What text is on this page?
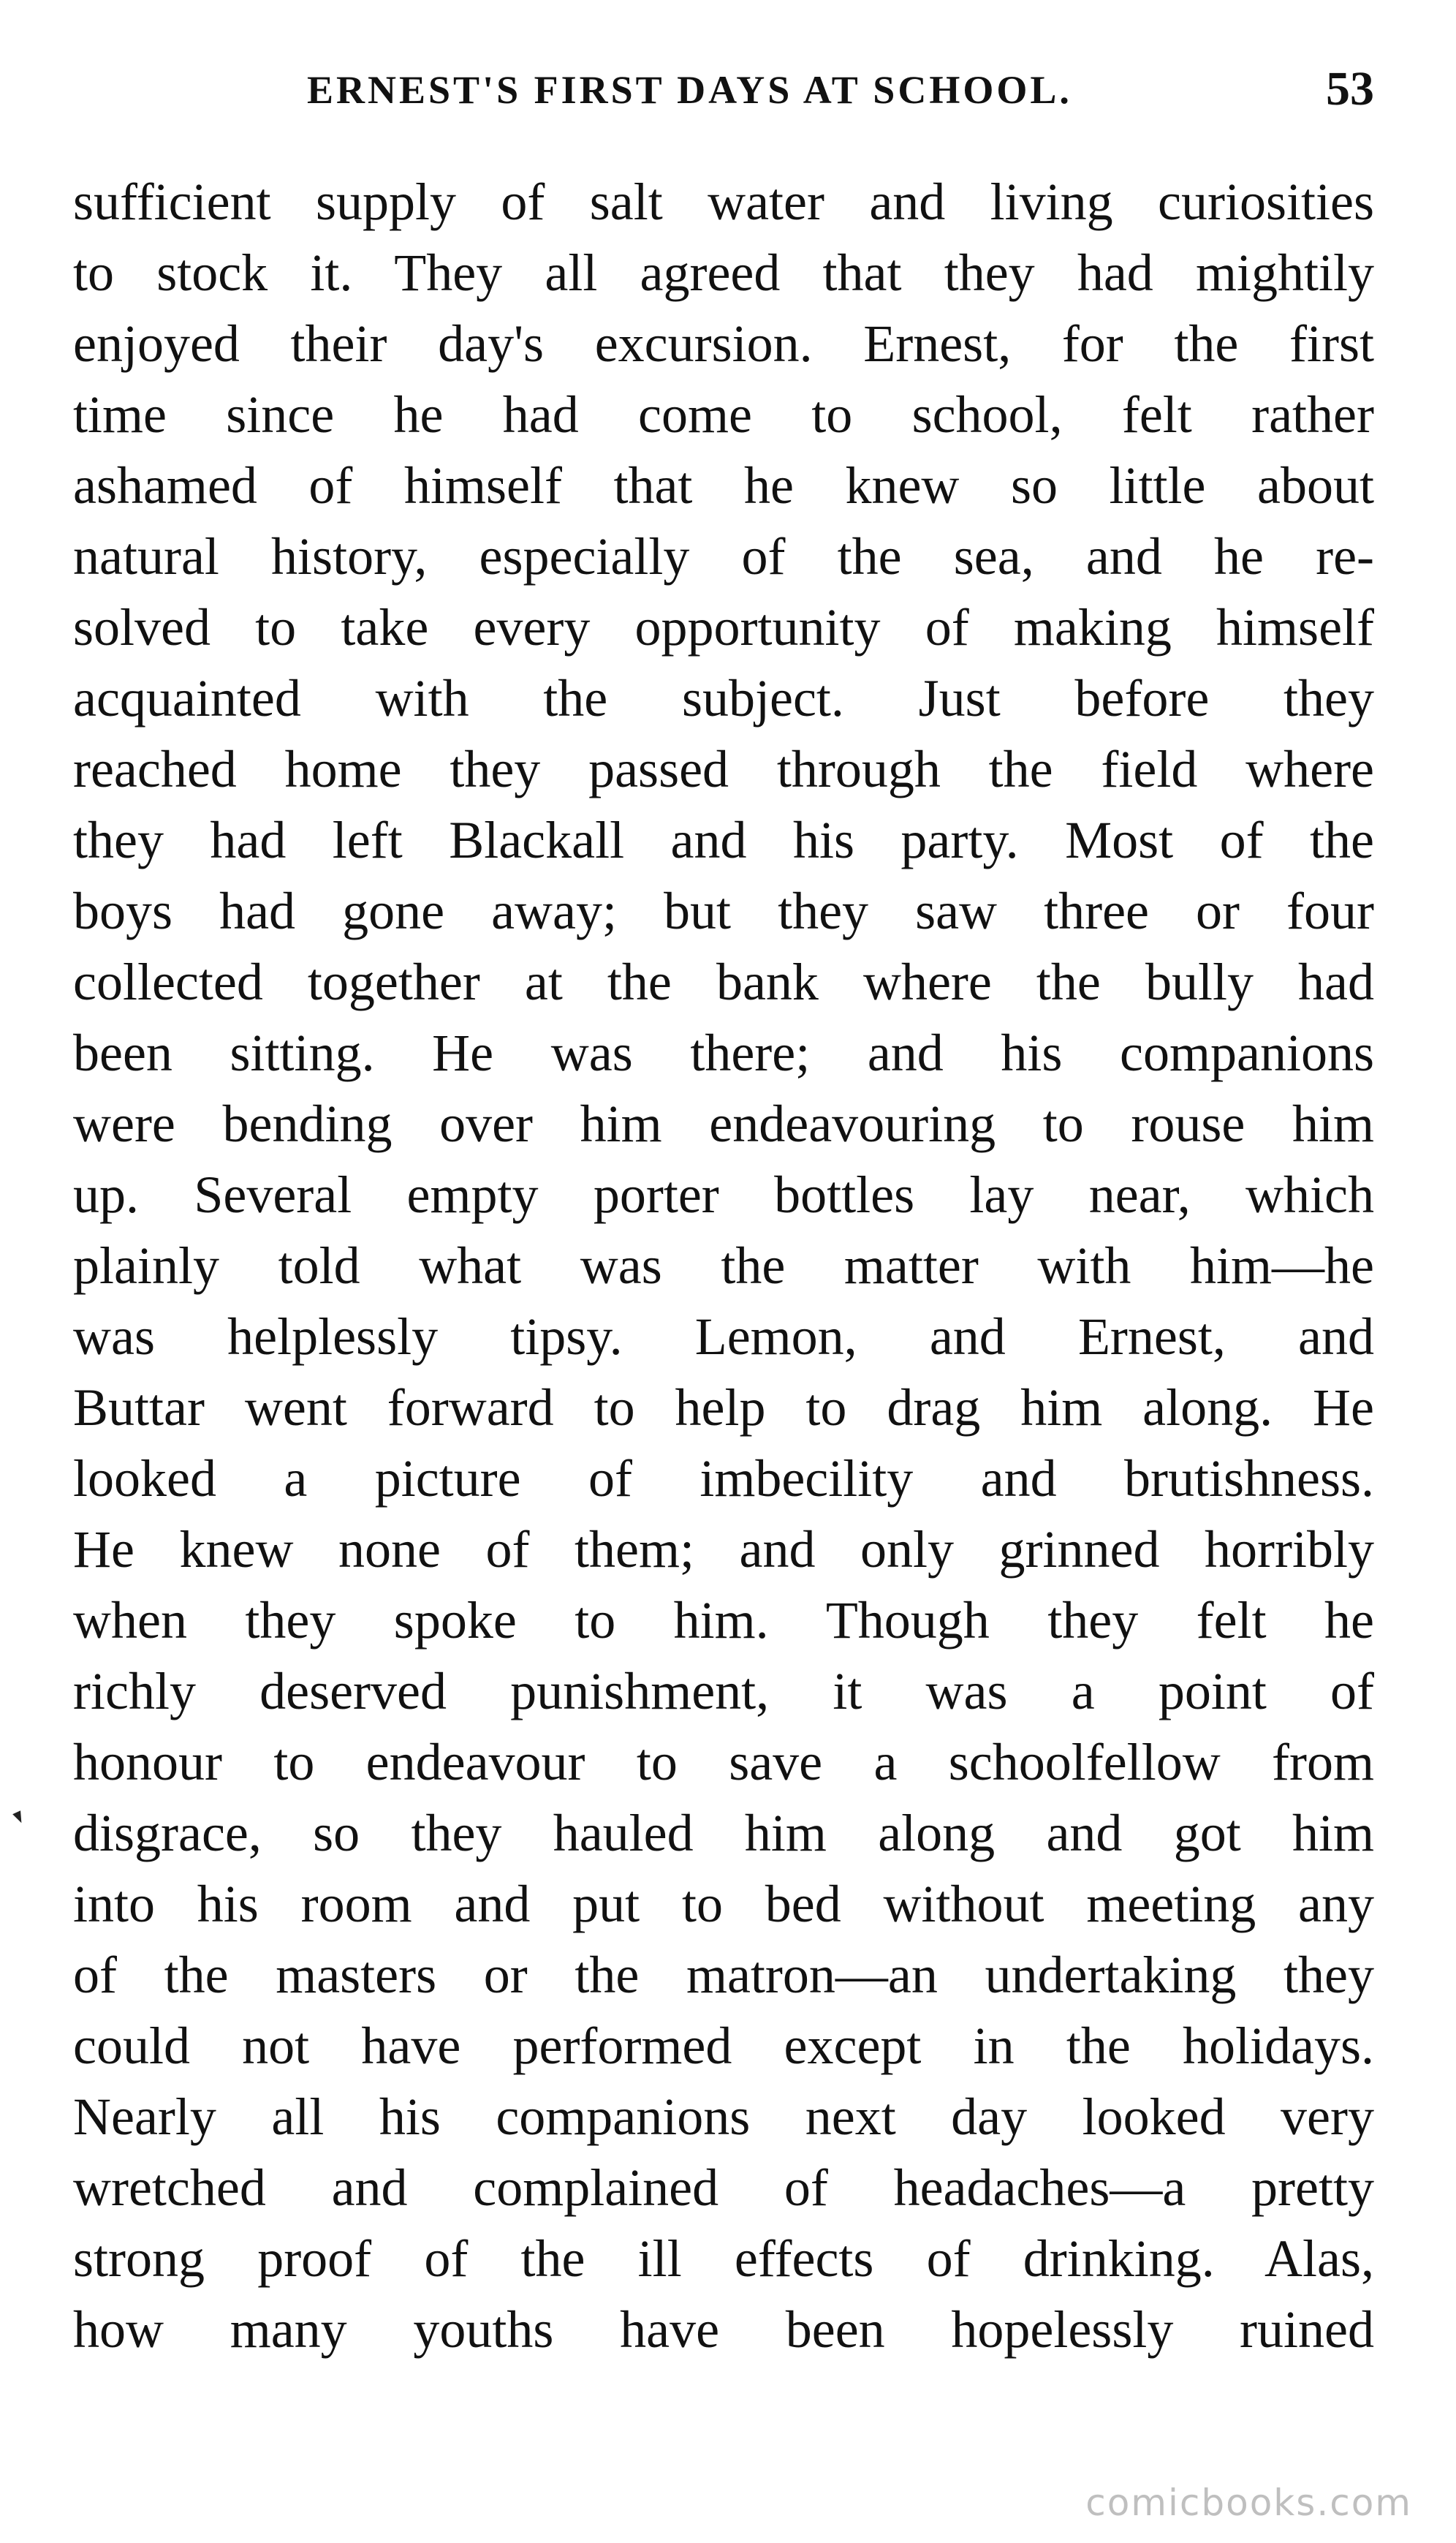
ERNEST'S FIRST DAYS AT SCHOOL.	53
sufficient supply of salt water and living curiosities
to stock it. They all agreed that they had mightily
enjoyed their day's excursion. Ernest, for the first
time since he had come to school, felt rather
ashamed of himself that he knew so little about
natural history, especially of the sea, and he re-
solved to take every opportunity of making himself
acquainted with the subject. Just before they
reached home they passed through the field where
they had left Blackall and his party. Most of the
boys had gone away; but they saw three or four
collected together at the bank where the bully had
been sitting. He was there; and his companions
were bending over him endeavouring to rouse him
up. Several empty porter bottles lay near, which
plainly told what was the matter with him—he
was helplessly tipsy. Lemon, and Ernest, and
Buttar went forward to help to drag him along. He
looked a picture of imbecility and brutishness.
He knew none of them; and only grinned horribly
when they spoke to him. Though they felt he
richly deserved punishment, it was a point of
honour to endeavour to save a schoolfellow from
disgrace, so they hauled him along and got him
into his room and put to bed without meeting any
of the masters or the matron—an undertaking they
could not have performed except in the holidays.
Nearly all his companions next day looked very
wretched and complained of headaches—a pretty
strong proof of the ill effects of drinking. Alas,
how many youths have been hopelessly ruined
comicbooks.com
